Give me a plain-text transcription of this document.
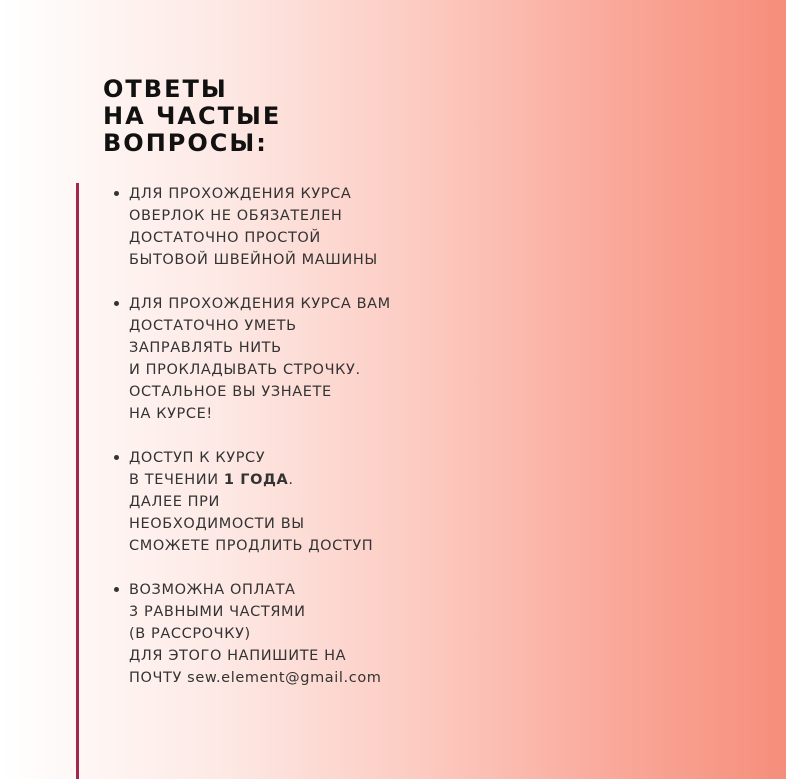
ОТВЕТЫ
НА ЧАСТЫЕ
ВОПРОСЫ:
ДЛЯ ПРОХОЖДЕНИЯ КУРСА
ОВЕРЛОК НЕ ОБЯЗАТЕЛЕН
ДОСТАТОЧНО ПРОСТОЙ
БЫТОВОЙ ШВЕЙНОЙ МАШИНЫ
ДЛЯ ПРОХОЖДЕНИЯ КУРСА ВАМ
ДОСТАТОЧНО УМЕТЬ
ЗАПРАВЛЯТЬ НИТЬ
И ПРОКЛАДЫВАТЬ СТРОЧКУ.
ОСТАЛЬНОЕ ВЫ УЗНАЕТЕ
НА КУРСЕ!
ДОСТУП К КУРСУ
В ТЕЧЕНИИ 1 ГОДА.
ДАЛЕЕ ПРИ
НЕОБХОДИМОСТИ ВЫ
СМОЖЕТЕ ПРОДЛИТЬ ДОСТУП
ВОЗМОЖНА ОПЛАТА
3 РАВНЫМИ ЧАСТЯМИ
(В РАССРОЧКУ)
ДЛЯ ЭТОГО НАПИШИТЕ НА
ПОЧТУ sew.element@gmail.com
